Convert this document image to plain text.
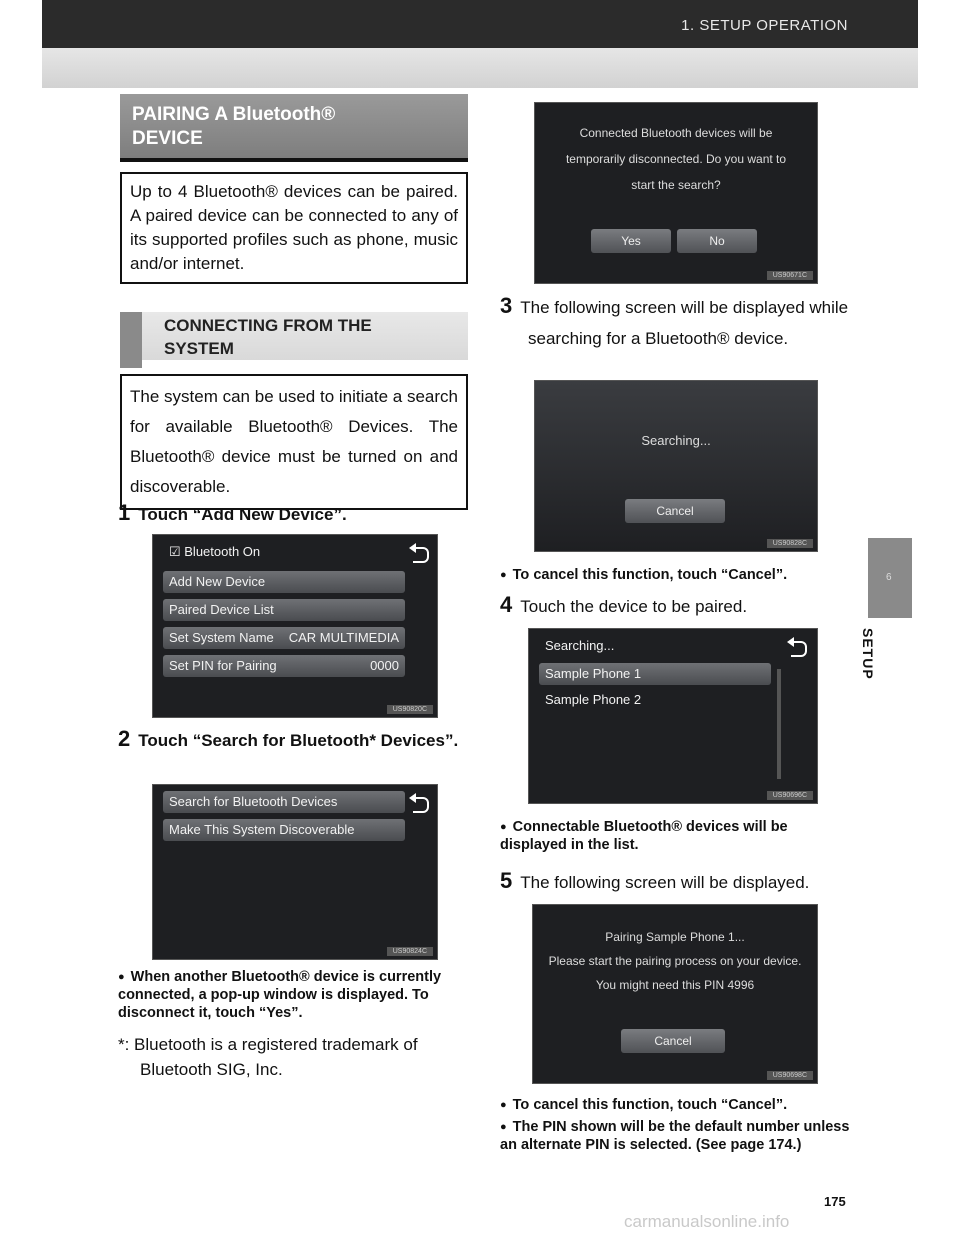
1. SETUP OPERATION
PAIRING A Bluetooth® DEVICE
Up to 4 Bluetooth® devices can be paired. A paired device can be connected to any of its supported profiles such as phone, music and/or internet.
CONNECTING FROM THE SYSTEM
The system can be used to initiate a search for available Bluetooth® Devices. The Bluetooth® device must be turned on and discoverable.
1 Touch “Add New Device”.
☑ Bluetooth On
Add New Device
Paired Device List
Set System Name CAR MULTIMEDIA
Set PIN for Pairing	0000
US90820C
2 Touch “Search for Bluetooth* Devices”.
Search for Bluetooth Devices
Make This System Discoverable
US90824C
● When another Bluetooth® device is currently connected, a pop-up window is displayed. To disconnect it, touch “Yes”.
*: Bluetooth is a registered trademark of Bluetooth SIG, Inc.
Connected Bluetooth devices will be
temporarily disconnected. Do you want to
start the search?
Yes	No
US90671C
3 The following screen will be displayed while searching for a Bluetooth® device.
Searching...
Cancel
US90828C
● To cancel this function, touch “Cancel”.
4 Touch the device to be paired.
Searching...
Sample Phone 1
Sample Phone 2
US90696C
● Connectable Bluetooth® devices will be displayed in the list.
5 The following screen will be displayed.
Pairing Sample Phone 1...
Please start the pairing process on your device.
You might need this PIN 4996
Cancel
US90698C
● To cancel this function, touch “Cancel”.
● The PIN shown will be the default number unless an alternate PIN is selected. (See page 174.)
6
SETUP
175
carmanualsonline.info
